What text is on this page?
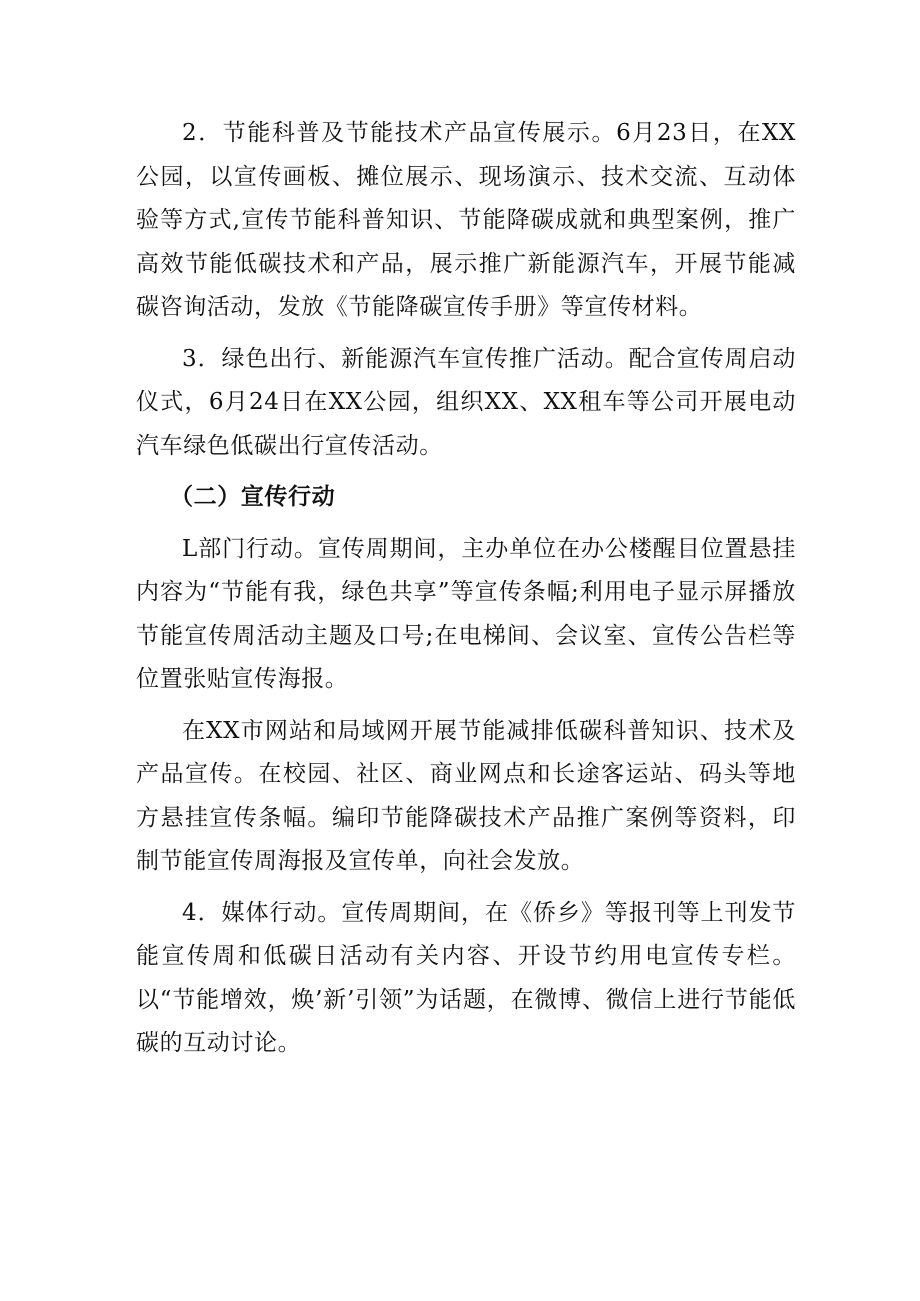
2．节能科普及节能技术产品宣传展示。6月23日，在XX公园，以宣传画板、摊位展示、现场演示、技术交流、互动体验等方式,宣传节能科普知识、节能降碳成就和典型案例，推广高效节能低碳技术和产品，展示推广新能源汽车，开展节能减碳咨询活动，发放《节能降碳宣传手册》等宣传材料。

3．绿色出行、新能源汽车宣传推广活动。配合宣传周启动仪式，6月24日在XX公园，组织XX、XX租车等公司开展电动汽车绿色低碳出行宣传活动。

（二）宣传行动

L部门行动。宣传周期间，主办单位在办公楼醒目位置悬挂内容为“节能有我，绿色共享”等宣传条幅;利用电子显示屏播放节能宣传周活动主题及口号;在电梯间、会议室、宣传公告栏等位置张贴宣传海报。

在XX市网站和局域网开展节能减排低碳科普知识、技术及产品宣传。在校园、社区、商业网点和长途客运站、码头等地方悬挂宣传条幅。编印节能降碳技术产品推广案例等资料，印制节能宣传周海报及宣传单，向社会发放。

4．媒体行动。宣传周期间，在《侨乡》等报刊等上刊发节能宣传周和低碳日活动有关内容、开设节约用电宣传专栏。以“节能增效，焕’新’引领”为话题，在微博、微信上进行节能低碳的互动讨论。
